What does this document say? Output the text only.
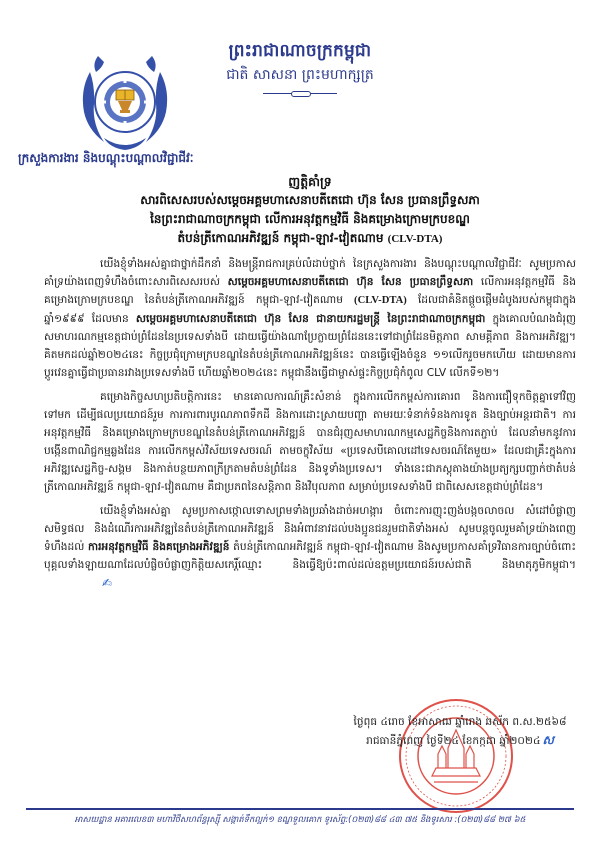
ព្រះរាជាណាចក្រកម្ពុជា
ជាតិ សាសនា ព្រះមហាក្សត្រ
ក្រសួងការងារ និងបណ្តុះបណ្តាលវិជ្ជាជីវៈ
ញត្តិគាំទ្រ
សារពិសេសរបស់សម្តេចអគ្គមហាសេនាបតីតេជោ ហ៊ុន សែន ប្រធានព្រឹទ្ធសភា
នៃព្រះរាជាណាចក្រកម្ពុជា លើការអនុវត្តកម្មវិធី និងគម្រោងក្រោមក្របខណ្ឌ
តំបន់ត្រីកោណអភិវឌ្ឍន៍ កម្ពុជា-ឡាវ-វៀតណាម (CLV-DTA)

យើងខ្ញុំទាំងអស់គ្នាជាថ្នាក់ដឹកនាំ និងមន្រ្តីរាជការគ្រប់លំដាប់ថ្នាក់ នៃក្រសួងការងារ និងបណ្តុះបណ្តាលវិជ្ជាជីវៈ សូមប្រកាសគាំទ្រយ៉ាងពេញទំហឹងចំពោះសារពិសេសរបស់ សម្តេចអគ្គមហាសេនាបតីតេជោ ហ៊ុន សែន ប្រធានព្រឹទ្ធសភា លើការអនុវត្តកម្មវិធី និងគម្រោងក្រោមក្របខណ្ឌ នៃតំបន់ត្រីកោណអភិវឌ្ឍន៍ កម្ពុជា-ឡាវ-វៀតណាម (CLV-DTA) ដែលជាគំនិតផ្តួចផ្តើមដំបូងរបស់កម្ពុជាក្នុងឆ្នាំ១៩៩៩ ដែលមាន សម្តេចអគ្គមហាសេនាបតីតេជោ ហ៊ុន សែន ជានាយករដ្ឋមន្រ្តី នៃព្រះរាជាណាចក្រកម្ពុជា ក្នុងគោលបំណងជំរុញសមាហរណកម្មខេត្តជាប់ព្រំដែននៃប្រទេសទាំងបី ដោយធ្វើយ៉ាងណាប្រែក្លាយព្រំដែននេះទៅជាព្រំដែនមិត្តភាព សាមគ្គីភាព និងការអភិវឌ្ឍ។ គិតមកដល់ឆ្នាំ២០២៤នេះ កិច្ចប្រជុំក្រោមក្របខណ្ឌនៃតំបន់ត្រីកោណអភិវឌ្ឍន៍នេះ បានធ្វើឡើងចំនួន ១១លើករួចមកហើយ ដោយមានការប្តូរវេនគ្នាធ្វើជាប្រធានរវាងប្រទេសទាំងបី ហើយឆ្នាំ២០២៤នេះ កម្ពុជានឹងធ្វើជាម្ចាស់ផ្ទះកិច្ចប្រជុំកំពូល CLV លើកទី១២។

គម្រោងកិច្ចសហប្រតិបត្តិការនេះ មានគោលការណ៍គ្រឹះសំខាន់ ក្នុងការលើកកម្ពស់ការគោរព និងការជឿទុកចិត្តគ្នាទៅវិញទៅមក ដើម្បីផលប្រយោជន៍រួម ការការពារបូរណភាពទឹកដី និងការដោះស្រាយបញ្ហា តាមរយៈទំនាក់ទំនងការទូត និងច្បាប់អន្តរជាតិ។ ការអនុវត្តកម្មវិធី និងគម្រោងក្រោមក្របខណ្ឌនៃតំបន់ត្រីកោណអភិវឌ្ឍន៍ បានជំរុញសមាហរណកម្មសេដ្ឋកិច្ចនិងការតភ្ជាប់ ដែលនាំមកនូវការបង្កើនពាណិជ្ជកម្មឆ្លងដែន ការលើកកម្ពស់វិស័យទេសចរណ៍ តាមចក្ខុវិស័យ «ប្រទេសបីគោលដៅទេសចរណ៍តែមួយ» ដែលជាគ្រឹះក្នុងការអភិវឌ្ឍសេដ្ឋកិច្ច-សង្គម និងកាត់បន្ថយភាពក្រីក្រតាមតំបន់ព្រំដែន និងទូទាំងប្រទេស។ ទាំងនេះជាភស្តុតាងយ៉ាងប្រត្យក្សបញ្ជាក់ថាតំបន់ត្រីកោណអភិវឌ្ឍន៍ កម្ពុជា-ឡាវ-វៀតណាម គឺជាប្រភពនៃសន្តិភាព និងវិបុលភាព សម្រាប់ប្រទេសទាំងបី ជាពិសេសខេត្តជាប់ព្រំដែន។

យើងខ្ញុំទាំងអស់គ្នា សូមប្រកាសថ្កោលទោសព្រមទាំងប្រឆាំងដាច់អហង្ការ ចំពោះការញុះញង់បង្កចលាចល សំដៅបំផ្លាញសមិទ្ធផល និងដំណើរការអភិវឌ្ឍនៃតំបន់ត្រីកោណអភិវឌ្ឍន៍ និងអំពាវនាវដល់បងប្អូនជនរួមជាតិទាំងអស់ សូមបន្តចូលរួមគាំទ្រយ៉ាងពេញទំហឹងដល់ ការអនុវត្តកម្មវិធី និងគម្រោងអភិវឌ្ឍន៍ តំបន់ត្រីកោណអភិវឌ្ឍន៍ កម្ពុជា-ឡាវ-វៀតណាម និងសូមប្រកាសគាំទ្រវិធានការច្បាប់ចំពោះបុគ្គលទាំងឡាយណាដែលបំផ្លិចបំផ្លាញកិត្តិយសកេរ្តិ៍ឈ្មោះ និងធ្វើឱ្យប៉ះពាល់ដល់ឧត្តមប្រយោជន៍របស់ជាតិ និងមាតុភូមិកម្ពុជា។✍

ថ្ងៃពុធ ៤រោច ខែអាសាឍ ឆ្នាំរោង ឆស័ក ព.ស.២៥៦៨
រាជធានីភ្នំពេញ ថ្ងៃទី២៤ ខែកក្កដា ឆ្នាំ២០២៤ ស
អាសយដ្ឋាន អគារលេខ៣ មហាវិថីសហព័ន្ធរុស្ស៊ី សង្កាត់ទឹកល្អក់១ ខណ្ឌទួលគោក ទូរស័ព្ទ:(០២៣)៨៨ ៤៣ ៧៥ និងទូរសារ :(០២៣)៨៨ ២៧ ៦៥
